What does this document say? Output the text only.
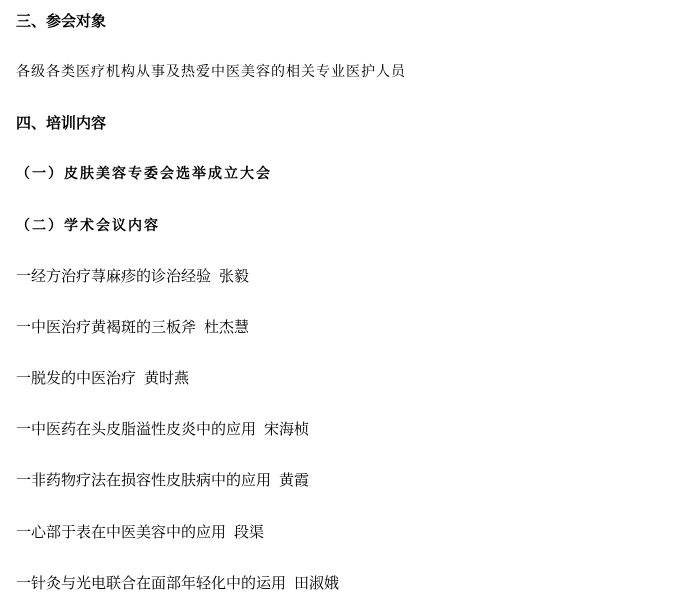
三、参会对象
各级各类医疗机构从事及热爱中医美容的相关专业医护人员
四、培训内容
（一）皮肤美容专委会选举成立大会
（二）学术会议内容
一经方治疗荨麻疹的诊治经验 张毅
一中医治疗黄褐斑的三板斧 杜杰慧
一脱发的中医治疗 黄时燕
一中医药在头皮脂溢性皮炎中的应用 宋海桢
一非药物疗法在损容性皮肤病中的应用 黄霞
一心部于表在中医美容中的应用 段渠
一针灸与光电联合在面部年轻化中的运用 田淑娥
